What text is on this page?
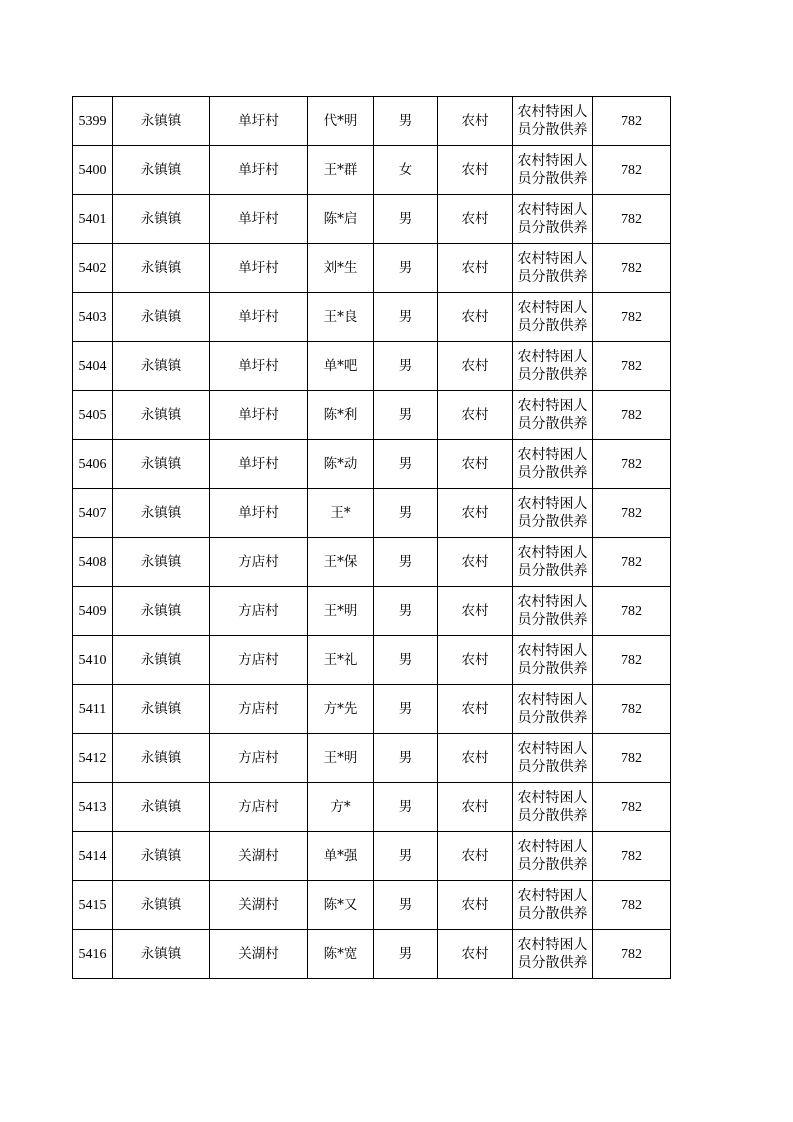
5399	永镇镇	单圩村	代*明	男	农村	农村特困人
员分散供养	782
5400	永镇镇	单圩村	王*群	女	农村	农村特困人
员分散供养	782
5401	永镇镇	单圩村	陈*启	男	农村	农村特困人
员分散供养	782
5402	永镇镇	单圩村	刘*生	男	农村	农村特困人
员分散供养	782
5403	永镇镇	单圩村	王*良	男	农村	农村特困人
员分散供养	782
5404	永镇镇	单圩村	单*吧	男	农村	农村特困人
员分散供养	782
5405	永镇镇	单圩村	陈*利	男	农村	农村特困人
员分散供养	782
5406	永镇镇	单圩村	陈*动	男	农村	农村特困人
员分散供养	782
5407	永镇镇	单圩村	王*	男	农村	农村特困人
员分散供养	782
5408	永镇镇	方店村	王*保	男	农村	农村特困人
员分散供养	782
5409	永镇镇	方店村	王*明	男	农村	农村特困人
员分散供养	782
5410	永镇镇	方店村	王*礼	男	农村	农村特困人
员分散供养	782
5411	永镇镇	方店村	方*先	男	农村	农村特困人
员分散供养	782
5412	永镇镇	方店村	王*明	男	农村	农村特困人
员分散供养	782
5413	永镇镇	方店村	方*	男	农村	农村特困人
员分散供养	782
5414	永镇镇	关湖村	单*强	男	农村	农村特困人
员分散供养	782
5415	永镇镇	关湖村	陈*又	男	农村	农村特困人
员分散供养	782
5416	永镇镇	关湖村	陈*宽	男	农村	农村特困人
员分散供养	782
